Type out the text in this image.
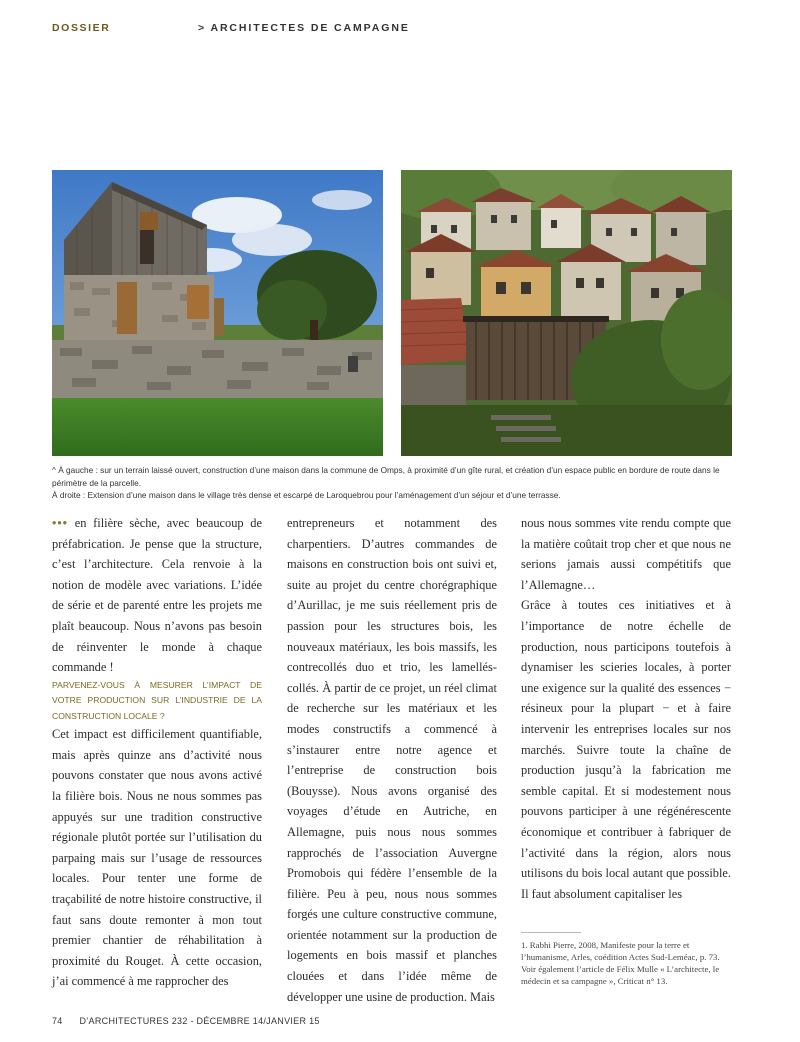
DOSSIER	> ARCHITECTES DE CAMPAGNE

^ À gauche : sur un terrain laissé ouvert, construction d’une maison dans la commune de Omps, à proximité d’un gîte rural, et création d’un espace public en bordure de route dans le périmètre de la parcelle.

À droite : Extension d’une maison dans le village très dense et escarpé de Laroquebrou pour l’aménagement d’un séjour et d’une terrasse.

••• en filière sèche, avec beaucoup de préfabrication. Je pense que la structure, c’est l’architecture. Cela renvoie à la notion de modèle avec variations. L’idée de série et de parenté entre les projets me plaît beaucoup. Nous n’avons pas besoin de réinventer le monde à chaque commande !

PARVENEZ-VOUS À MESURER L’IMPACT DE VOTRE PRODUCTION SUR L’INDUSTRIE DE LA CONSTRUCTION LOCALE ?

Cet impact est difficilement quantifiable, mais après quinze ans d’activité nous pouvons constater que nous avons activé la filière bois. Nous ne nous sommes pas appuyés sur une tradition constructive régionale plutôt portée sur l’utilisation du parpaing mais sur l’usage de ressources locales. Pour tenter une forme de traçabilité de notre histoire constructive, il faut sans doute remonter à mon tout premier chantier de réhabilitation à proximité du Rouget. À cette occasion, j’ai commencé à me rapprocher des

entrepreneurs et notamment des charpentiers. D’autres commandes de maisons en construction bois ont suivi et, suite au projet du centre chorégraphique d’Aurillac, je me suis réellement pris de passion pour les structures bois, les nouveaux matériaux, les bois massifs, les contrecollés duo et trio, les lamellés-collés. À partir de ce projet, un réel climat de recherche sur les matériaux et les modes constructifs a commencé à s’instaurer entre notre agence et l’entreprise de construction bois (Bouysse). Nous avons organisé des voyages d’étude en Autriche, en Allemagne, puis nous nous sommes rapprochés de l’association Auvergne Promobois qui fédère l’ensemble de la filière. Peu à peu, nous nous sommes forgés une culture constructive commune, orientée notamment sur la production de logements en bois massif et planches clouées et dans l’idée même de développer une usine de production. Mais

nous nous sommes vite rendu compte que la matière coûtait trop cher et que nous ne serions jamais aussi compétitifs que l’Allemagne…

Grâce à toutes ces initiatives et à l’importance de notre échelle de production, nous participons toutefois à dynamiser les scieries locales, à porter une exigence sur la qualité des essences − résineux pour la plupart − et à faire intervenir les entreprises locales sur nos marchés. Suivre toute la chaîne de production jusqu’à la fabrication me semble capital. Et si modestement nous pouvons participer à une régénérescente économique et contribuer à fabriquer de l’activité dans la région, alors nous utilisons du bois local autant que possible. Il faut absolument capitaliser les

1. Rabhi Pierre, 2008, Manifeste pour la terre et l’humanisme, Arles, coédition Actes Sud-Leméac, p. 73.

Voir également l’article de Félix Mulle « L’architecte, le médecin et sa campagne », Criticat n° 13.

74 D’ARCHITECTURES 232 - DÉCEMBRE 14/JANVIER 15
